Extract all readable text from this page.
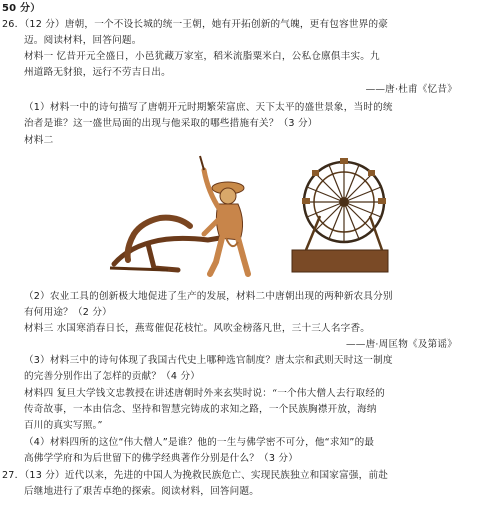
50 分）
26．（12 分）唐朝，一个不设长城的统一王朝，她有开拓创新的气魄，更有包容世界的豪
迈。阅读材料，回答问题。
材料一 忆昔开元全盛日，小邑犹藏万家室，稻米流脂粟米白，公私仓廪俱丰实。九
州道路无豺狼，远行不劳吉日出。
——唐·杜甫《忆昔》
（1）材料一中的诗句描写了唐朝开元时期繁荣富庶、天下太平的盛世景象，当时的统
治者是谁？这一盛世局面的出现与他采取的哪些措施有关？（3 分）
材料二
（2）农业工具的创新极大地促进了生产的发展，材料二中唐朝出现的两种新农具分别
有何用途？（2 分）
材料三 水国寒消春日长，燕莺催促花枝忙。风吹金榜落凡世，三十三人名字香。
——唐·周匡物《及第谣》
（3）材料三中的诗句体现了我国古代史上哪种选官制度？唐太宗和武则天时这一制度
的完善分别作出了怎样的贡献？（4 分）
材料四 复旦大学钱文忠教授在讲述唐朝时外来玄奘时说：“一个伟大僧人去行取经的
传奇故事，一本由信念、坚持和智慧完铸成的求知之路，一个民族胸襟开放，海纳
百川的真实写照。”
（4）材料四所的这位“伟大僧人”是谁？他的一生与佛学密不可分，他“求知”的最
高佛学学府和为后世留下的佛学经典著作分别是什么？（3 分）
27．（13 分）近代以来，先进的中国人为挽救民族危亡、实现民族独立和国家富强，前赴
后继地进行了艰苦卓绝的探索。阅读材料，回答问题。
